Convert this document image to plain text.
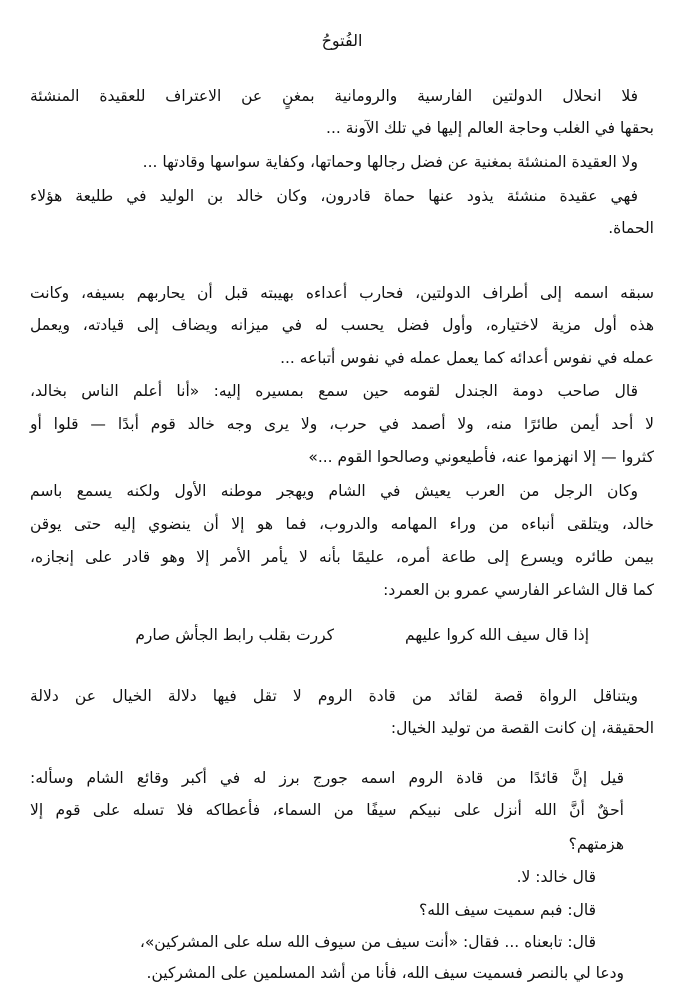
الفُتوحُ
فلا انحلال الدولتين الفارسية والرومانية بمغنٍ عن الاعتراف للعقيدة المنشئة
بحقها في الغلب وحاجة العالم إليها في تلك الآونة ...
ولا العقيدة المنشئة بمغنية عن فضل رجالها وحماتها، وكفاية سواسها وقادتها ...
فهي عقيدة منشئة يذود عنها حماة قادرون، وكان خالد بن الوليد في طليعة هؤلاء
الحماة.
سبقه اسمه إلى أطراف الدولتين، فحارب أعداءه بهيبته قبل أن يحاربهم بسيفه، وكانت
هذه أول مزية لاختياره، وأول فضل يحسب له في ميزانه ويضاف إلى قيادته، ويعمل
عمله في نفوس أعدائه كما يعمل عمله في نفوس أتباعه ...
قال صاحب دومة الجندل لقومه حين سمع بمسيره إليه: «أنا أعلم الناس بخالد،
لا أحد أيمن طائرًا منه، ولا أصمد في حرب، ولا يرى وجه خالد قوم أبدًا — قلوا أو
كثروا — إلا انهزموا عنه، فأطيعوني وصالحوا القوم ...»
وكان الرجل من العرب يعيش في الشام ويهجر موطنه الأول ولكنه يسمع باسم
خالد، ويتلقى أنباءه من وراء المهامه والدروب، فما هو إلا أن ينضوي إليه حتى يوقن
بيمن طائره ويسرع إلى طاعة أمره، عليمًا بأنه لا يأمر الأمر إلا وهو قادر على إنجازه،
كما قال الشاعر الفارسي عمرو بن العمرد:
إذا قال سيف الله كروا عليهم
كررت بقلب رابط الجأش صارم
ويتناقل الرواة قصة لقائد من قادة الروم لا تقل فيها دلالة الخيال عن دلالة
الحقيقة، إن كانت القصة من توليد الخيال:
قيل إنَّ قائدًا من قادة الروم اسمه جورج برز له في أكبر وقائع الشام وسأله:
أحقٌ أنَّ الله أنزل على نبيكم سيفًا من السماء، فأعطاكه فلا تسله على قوم إلا
هزمتهم؟
قال خالد: لا.
قال: فبم سميت سيف الله؟
قال: تابعناه ... فقال: «أنت سيف من سيوف الله سله على المشركين»،
ودعا لي بالنصر فسميت سيف الله، فأنا من أشد المسلمين على المشركين.
